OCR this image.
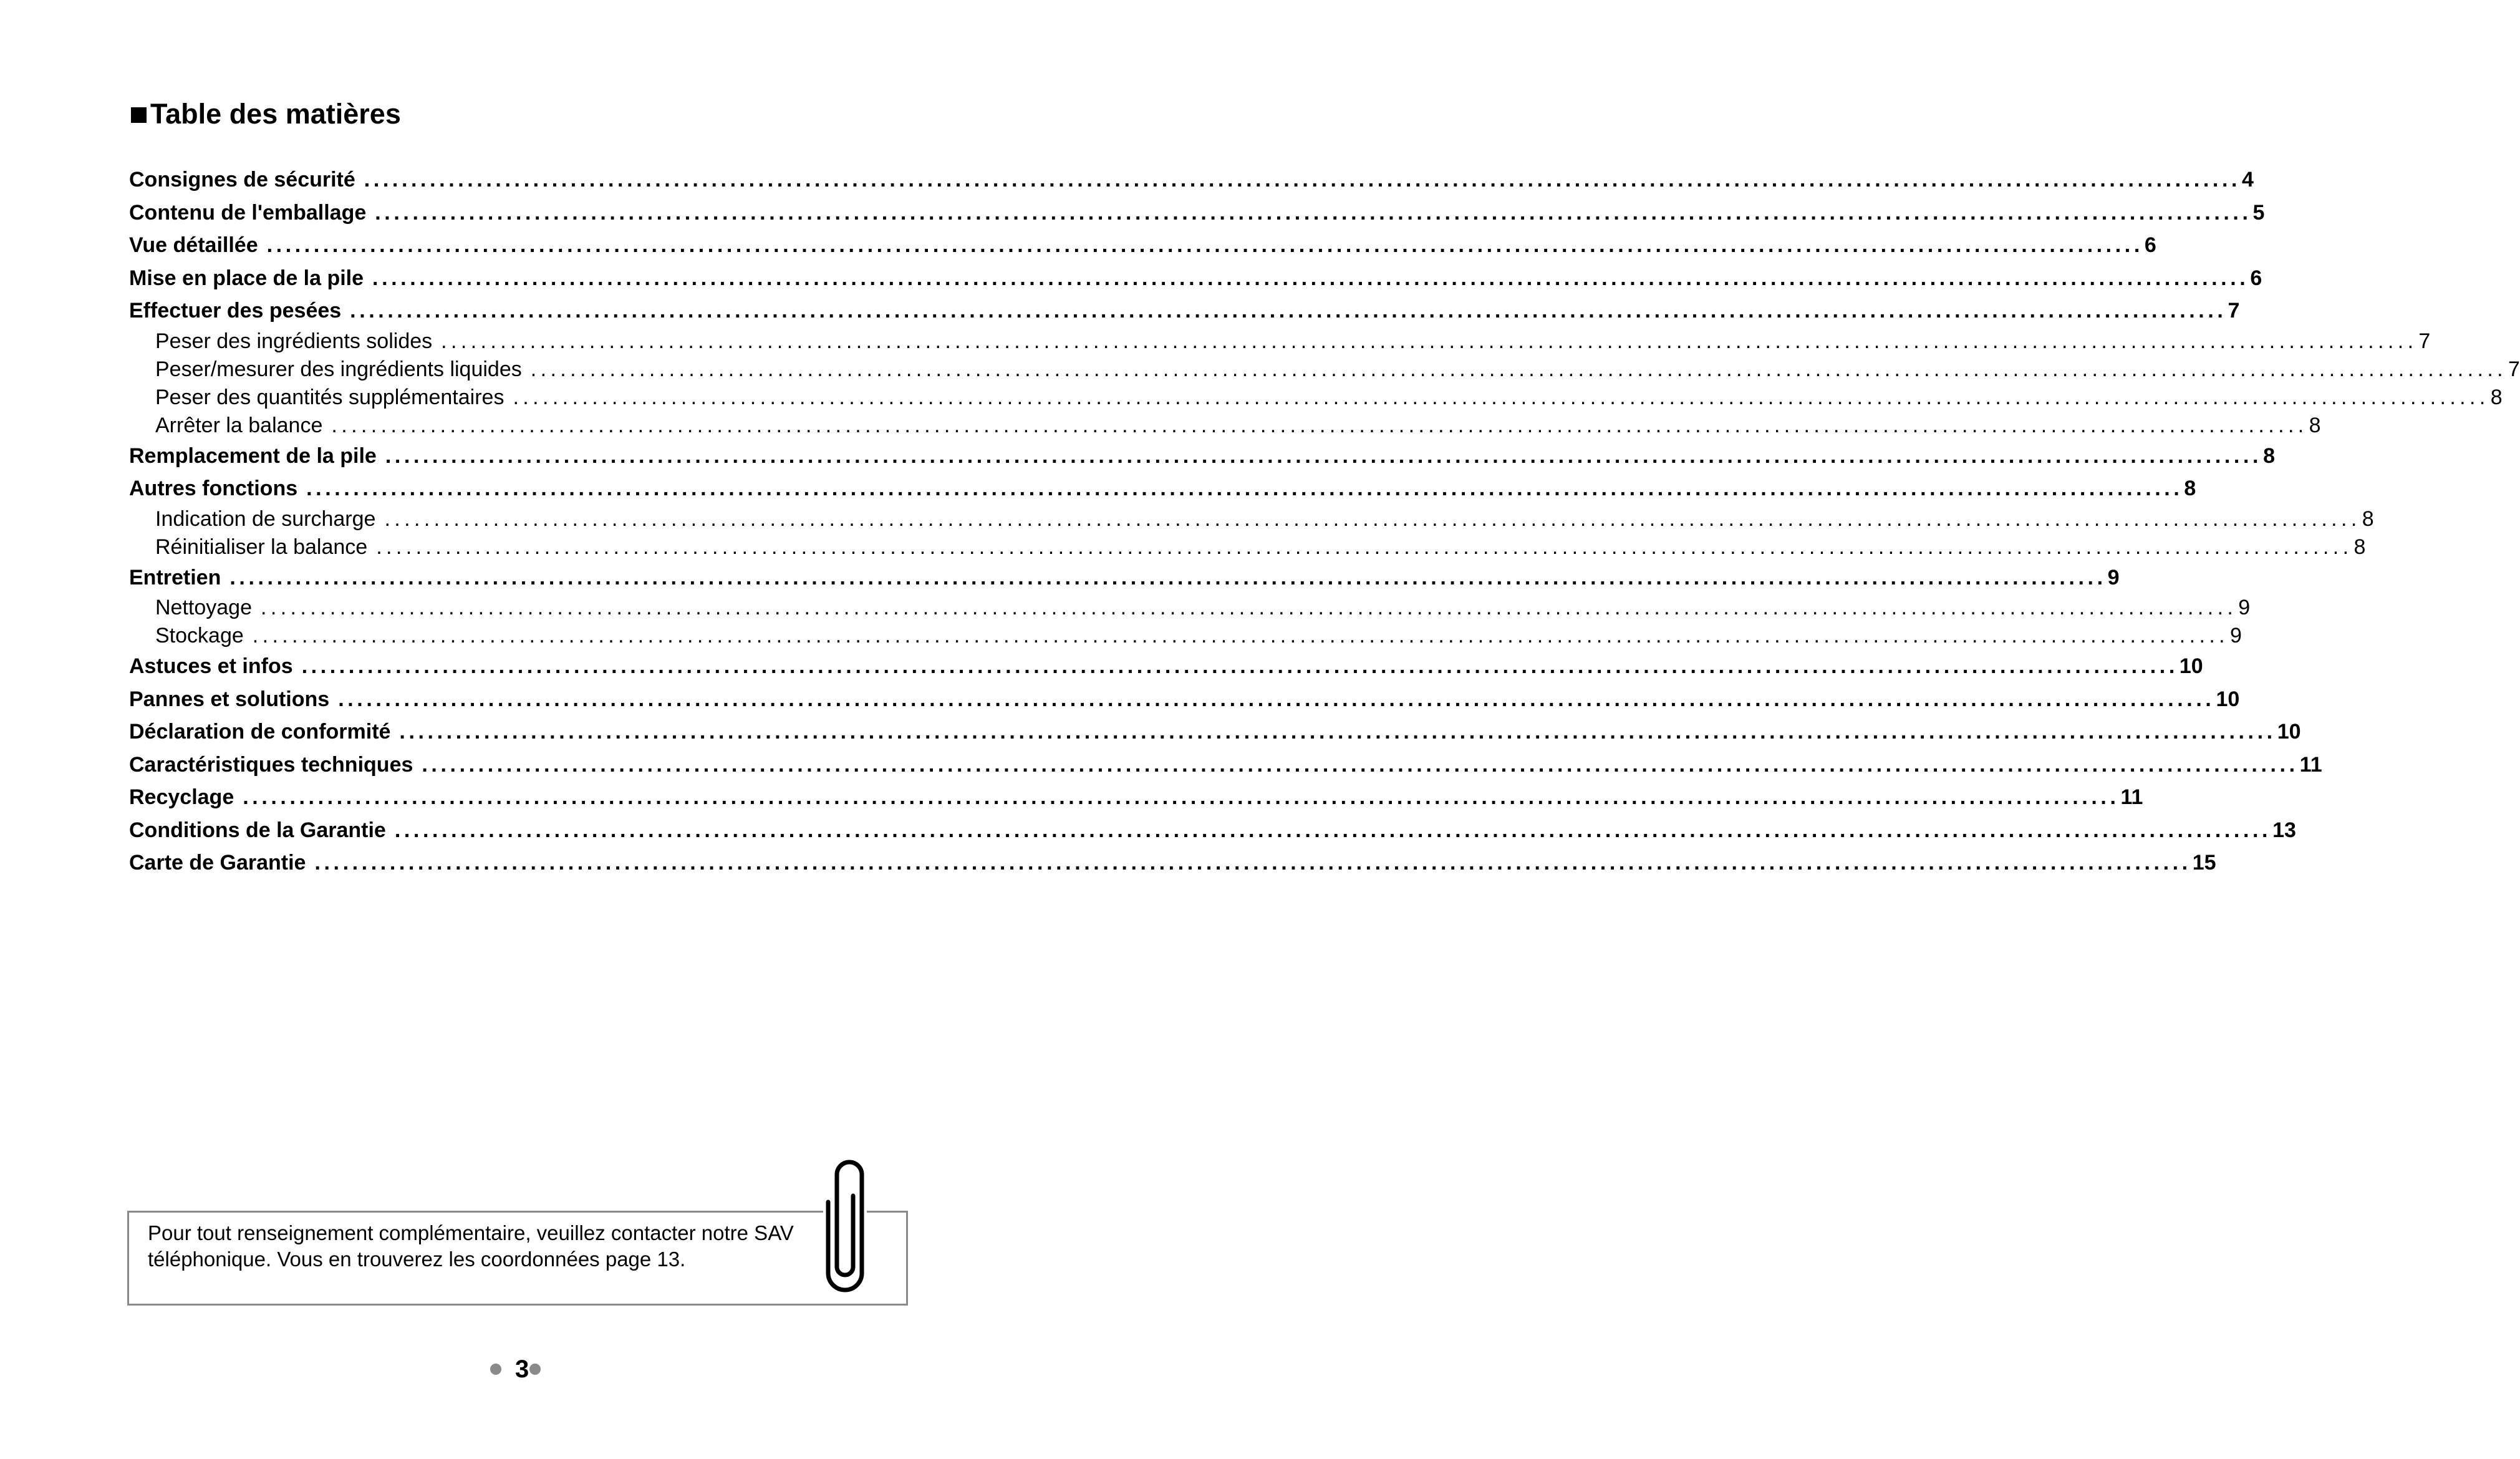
Table des matières
Consignes de sécurité ........................................................................................................................................................................................................ 4
Contenu de l'emballage ........................................................................................................................................................................................................ 5
Vue détaillée ........................................................................................................................................................................................................ 6
Mise en place de la pile ........................................................................................................................................................................................................ 6
Effectuer des pesées ........................................................................................................................................................................................................ 7
Peser des ingrédients solides ........................................................................................................................................................................................................ 7
Peser/mesurer des ingrédients liquides ........................................................................................................................................................................................................ 7
Peser des quantités supplémentaires ........................................................................................................................................................................................................ 8
Arrêter la balance ........................................................................................................................................................................................................ 8
Remplacement de la pile ........................................................................................................................................................................................................ 8
Autres fonctions ........................................................................................................................................................................................................ 8
Indication de surcharge ........................................................................................................................................................................................................ 8
Réinitialiser la balance ........................................................................................................................................................................................................ 8
Entretien ........................................................................................................................................................................................................ 9
Nettoyage ........................................................................................................................................................................................................ 9
Stockage ........................................................................................................................................................................................................ 9
Astuces et infos ........................................................................................................................................................................................................ 10
Pannes et solutions ........................................................................................................................................................................................................ 10
Déclaration de conformité ........................................................................................................................................................................................................ 10
Caractéristiques techniques ........................................................................................................................................................................................................ 11
Recyclage ........................................................................................................................................................................................................ 11
Conditions de la Garantie ........................................................................................................................................................................................................ 13
Carte de Garantie ........................................................................................................................................................................................................ 15
Pour tout renseignement complémentaire, veuillez contacter notre SAV
téléphonique. Vous en trouverez les coordonnées page 13.
3
